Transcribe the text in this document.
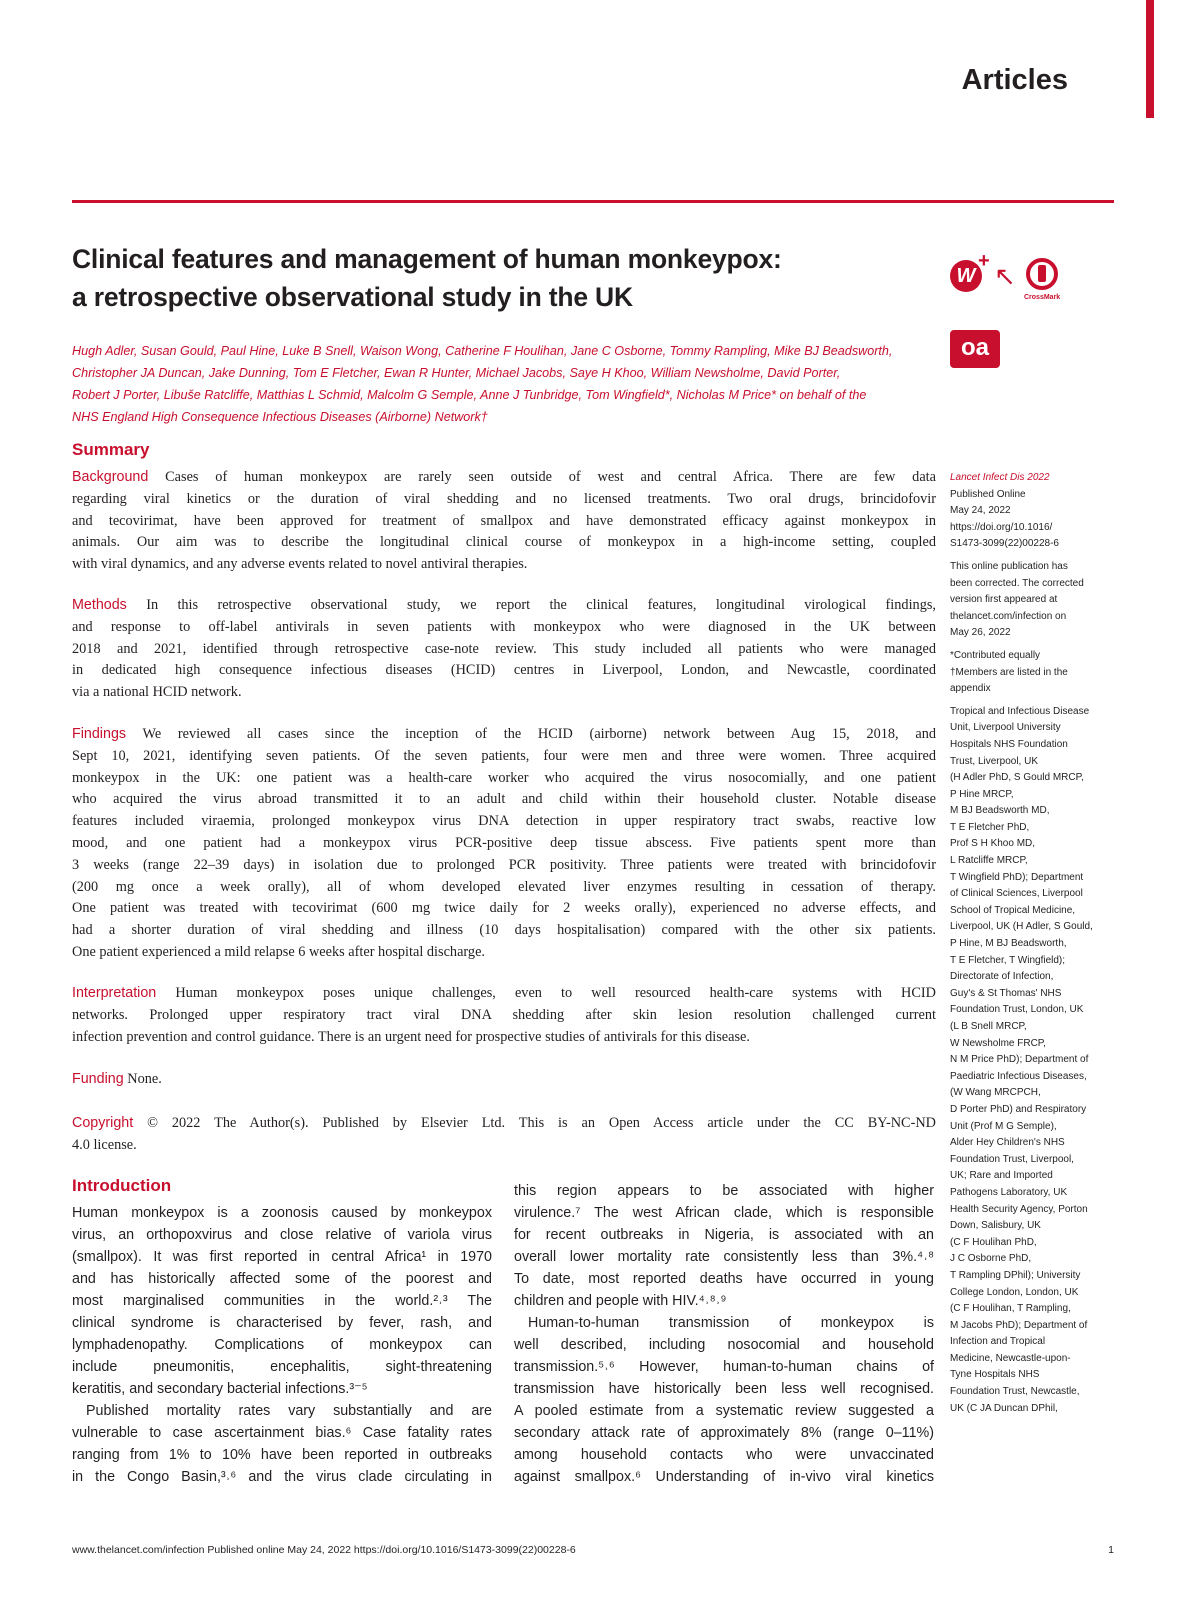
Articles
Clinical features and management of human monkeypox:
a retrospective observational study in the UK
W
+
↖
CrossMark
oa
Hugh Adler, Susan Gould, Paul Hine, Luke B Snell, Waison Wong, Catherine F Houlihan, Jane C Osborne, Tommy Rampling, Mike BJ Beadsworth,
Christopher JA Duncan, Jake Dunning, Tom E Fletcher, Ewan R Hunter, Michael Jacobs, Saye H Khoo, William Newsholme, David Porter,
Robert J Porter, Libuše Ratcliffe, Matthias L Schmid, Malcolm G Semple, Anne J Tunbridge, Tom Wingfield*, Nicholas M Price* on behalf of the
NHS England High Consequence Infectious Diseases (Airborne) Network†
Summary
Background Cases of human monkeypox are rarely seen outside of west and central Africa. There are few data
regarding viral kinetics or the duration of viral shedding and no licensed treatments. Two oral drugs, brincidofovir
and tecovirimat, have been approved for treatment of smallpox and have demonstrated efficacy against monkeypox in
animals. Our aim was to describe the longitudinal clinical course of monkeypox in a high-income setting, coupled
with viral dynamics, and any adverse events related to novel antiviral therapies.
Methods In this retrospective observational study, we report the clinical features, longitudinal virological findings,
and response to off-label antivirals in seven patients with monkeypox who were diagnosed in the UK between
2018 and 2021, identified through retrospective case-note review. This study included all patients who were managed
in dedicated high consequence infectious diseases (HCID) centres in Liverpool, London, and Newcastle, coordinated
via a national HCID network.
Findings We reviewed all cases since the inception of the HCID (airborne) network between Aug 15, 2018, and
Sept 10, 2021, identifying seven patients. Of the seven patients, four were men and three were women. Three acquired
monkeypox in the UK: one patient was a health-care worker who acquired the virus nosocomially, and one patient
who acquired the virus abroad transmitted it to an adult and child within their household cluster. Notable disease
features included viraemia, prolonged monkeypox virus DNA detection in upper respiratory tract swabs, reactive low
mood, and one patient had a monkeypox virus PCR-positive deep tissue abscess. Five patients spent more than
3 weeks (range 22–39 days) in isolation due to prolonged PCR positivity. Three patients were treated with brincidofovir
(200 mg once a week orally), all of whom developed elevated liver enzymes resulting in cessation of therapy.
One patient was treated with tecovirimat (600 mg twice daily for 2 weeks orally), experienced no adverse effects, and
had a shorter duration of viral shedding and illness (10 days hospitalisation) compared with the other six patients.
One patient experienced a mild relapse 6 weeks after hospital discharge.
Interpretation Human monkeypox poses unique challenges, even to well resourced health-care systems with HCID
networks. Prolonged upper respiratory tract viral DNA shedding after skin lesion resolution challenged current
infection prevention and control guidance. There is an urgent need for prospective studies of antivirals for this disease.
Funding None.
Copyright © 2022 The Author(s). Published by Elsevier Ltd. This is an Open Access article under the CC BY-NC-ND
4.0 license.
Lancet Infect Dis 2022
Published Online
May 24, 2022
https://doi.org/10.1016/
S1473-3099(22)00228-6
This online publication has
been corrected. The corrected
version first appeared at
thelancet.com/infection on
May 26, 2022
*Contributed equally
†Members are listed in the
appendix
Tropical and Infectious Disease
Unit, Liverpool University
Hospitals NHS Foundation
Trust, Liverpool, UK
(H Adler PhD, S Gould MRCP,
P Hine MRCP,
M BJ Beadsworth MD,
T E Fletcher PhD,
Prof S H Khoo MD,
L Ratcliffe MRCP,
T Wingfield PhD); Department
of Clinical Sciences, Liverpool
School of Tropical Medicine,
Liverpool, UK (H Adler, S Gould,
P Hine, M BJ Beadsworth,
T E Fletcher, T Wingfield);
Directorate of Infection,
Guy's & St Thomas' NHS
Foundation Trust, London, UK
(L B Snell MRCP,
W Newsholme FRCP,
N M Price PhD); Department of
Paediatric Infectious Diseases,
(W Wang MRCPCH,
D Porter PhD) and Respiratory
Unit (Prof M G Semple),
Alder Hey Children's NHS
Foundation Trust, Liverpool,
UK; Rare and Imported
Pathogens Laboratory, UK
Health Security Agency, Porton
Down, Salisbury, UK
(C F Houlihan PhD,
J C Osborne PhD,
T Rampling DPhil); University
College London, London, UK
(C F Houlihan, T Rampling,
M Jacobs PhD); Department of
Infection and Tropical
Medicine, Newcastle-upon-
Tyne Hospitals NHS
Foundation Trust, Newcastle,
UK (C JA Duncan DPhil,
Introduction
Human monkeypox is a zoonosis caused by monkeypox
virus, an orthopoxvirus and close relative of variola virus
(smallpox). It was first reported in central Africa¹ in 1970
and has historically affected some of the poorest and
most marginalised communities in the world.²˒³ The
clinical syndrome is characterised by fever, rash, and
lymphadenopathy. Complications of monkeypox can
include pneumonitis, encephalitis, sight-threatening
keratitis, and secondary bacterial infections.³⁻⁵
Published mortality rates vary substantially and are
vulnerable to case ascertainment bias.⁶ Case fatality rates
ranging from 1% to 10% have been reported in outbreaks
in the Congo Basin,³˒⁶ and the virus clade circulating in
this region appears to be associated with higher
virulence.⁷ The west African clade, which is responsible
for recent outbreaks in Nigeria, is associated with an
overall lower mortality rate consistently less than 3%.⁴˒⁸
To date, most reported deaths have occurred in young
children and people with HIV.⁴˒⁸˒⁹
Human-to-human transmission of monkeypox is
well described, including nosocomial and household
transmission.⁵˒⁶ However, human-to-human chains of
transmission have historically been less well recognised.
A pooled estimate from a systematic review suggested a
secondary attack rate of approximately 8% (range 0–11%)
among household contacts who were unvaccinated
against smallpox.⁶ Understanding of in-vivo viral kinetics
www.thelancet.com/infection Published online May 24, 2022 https://doi.org/10.1016/S1473-3099(22)00228-6	1
